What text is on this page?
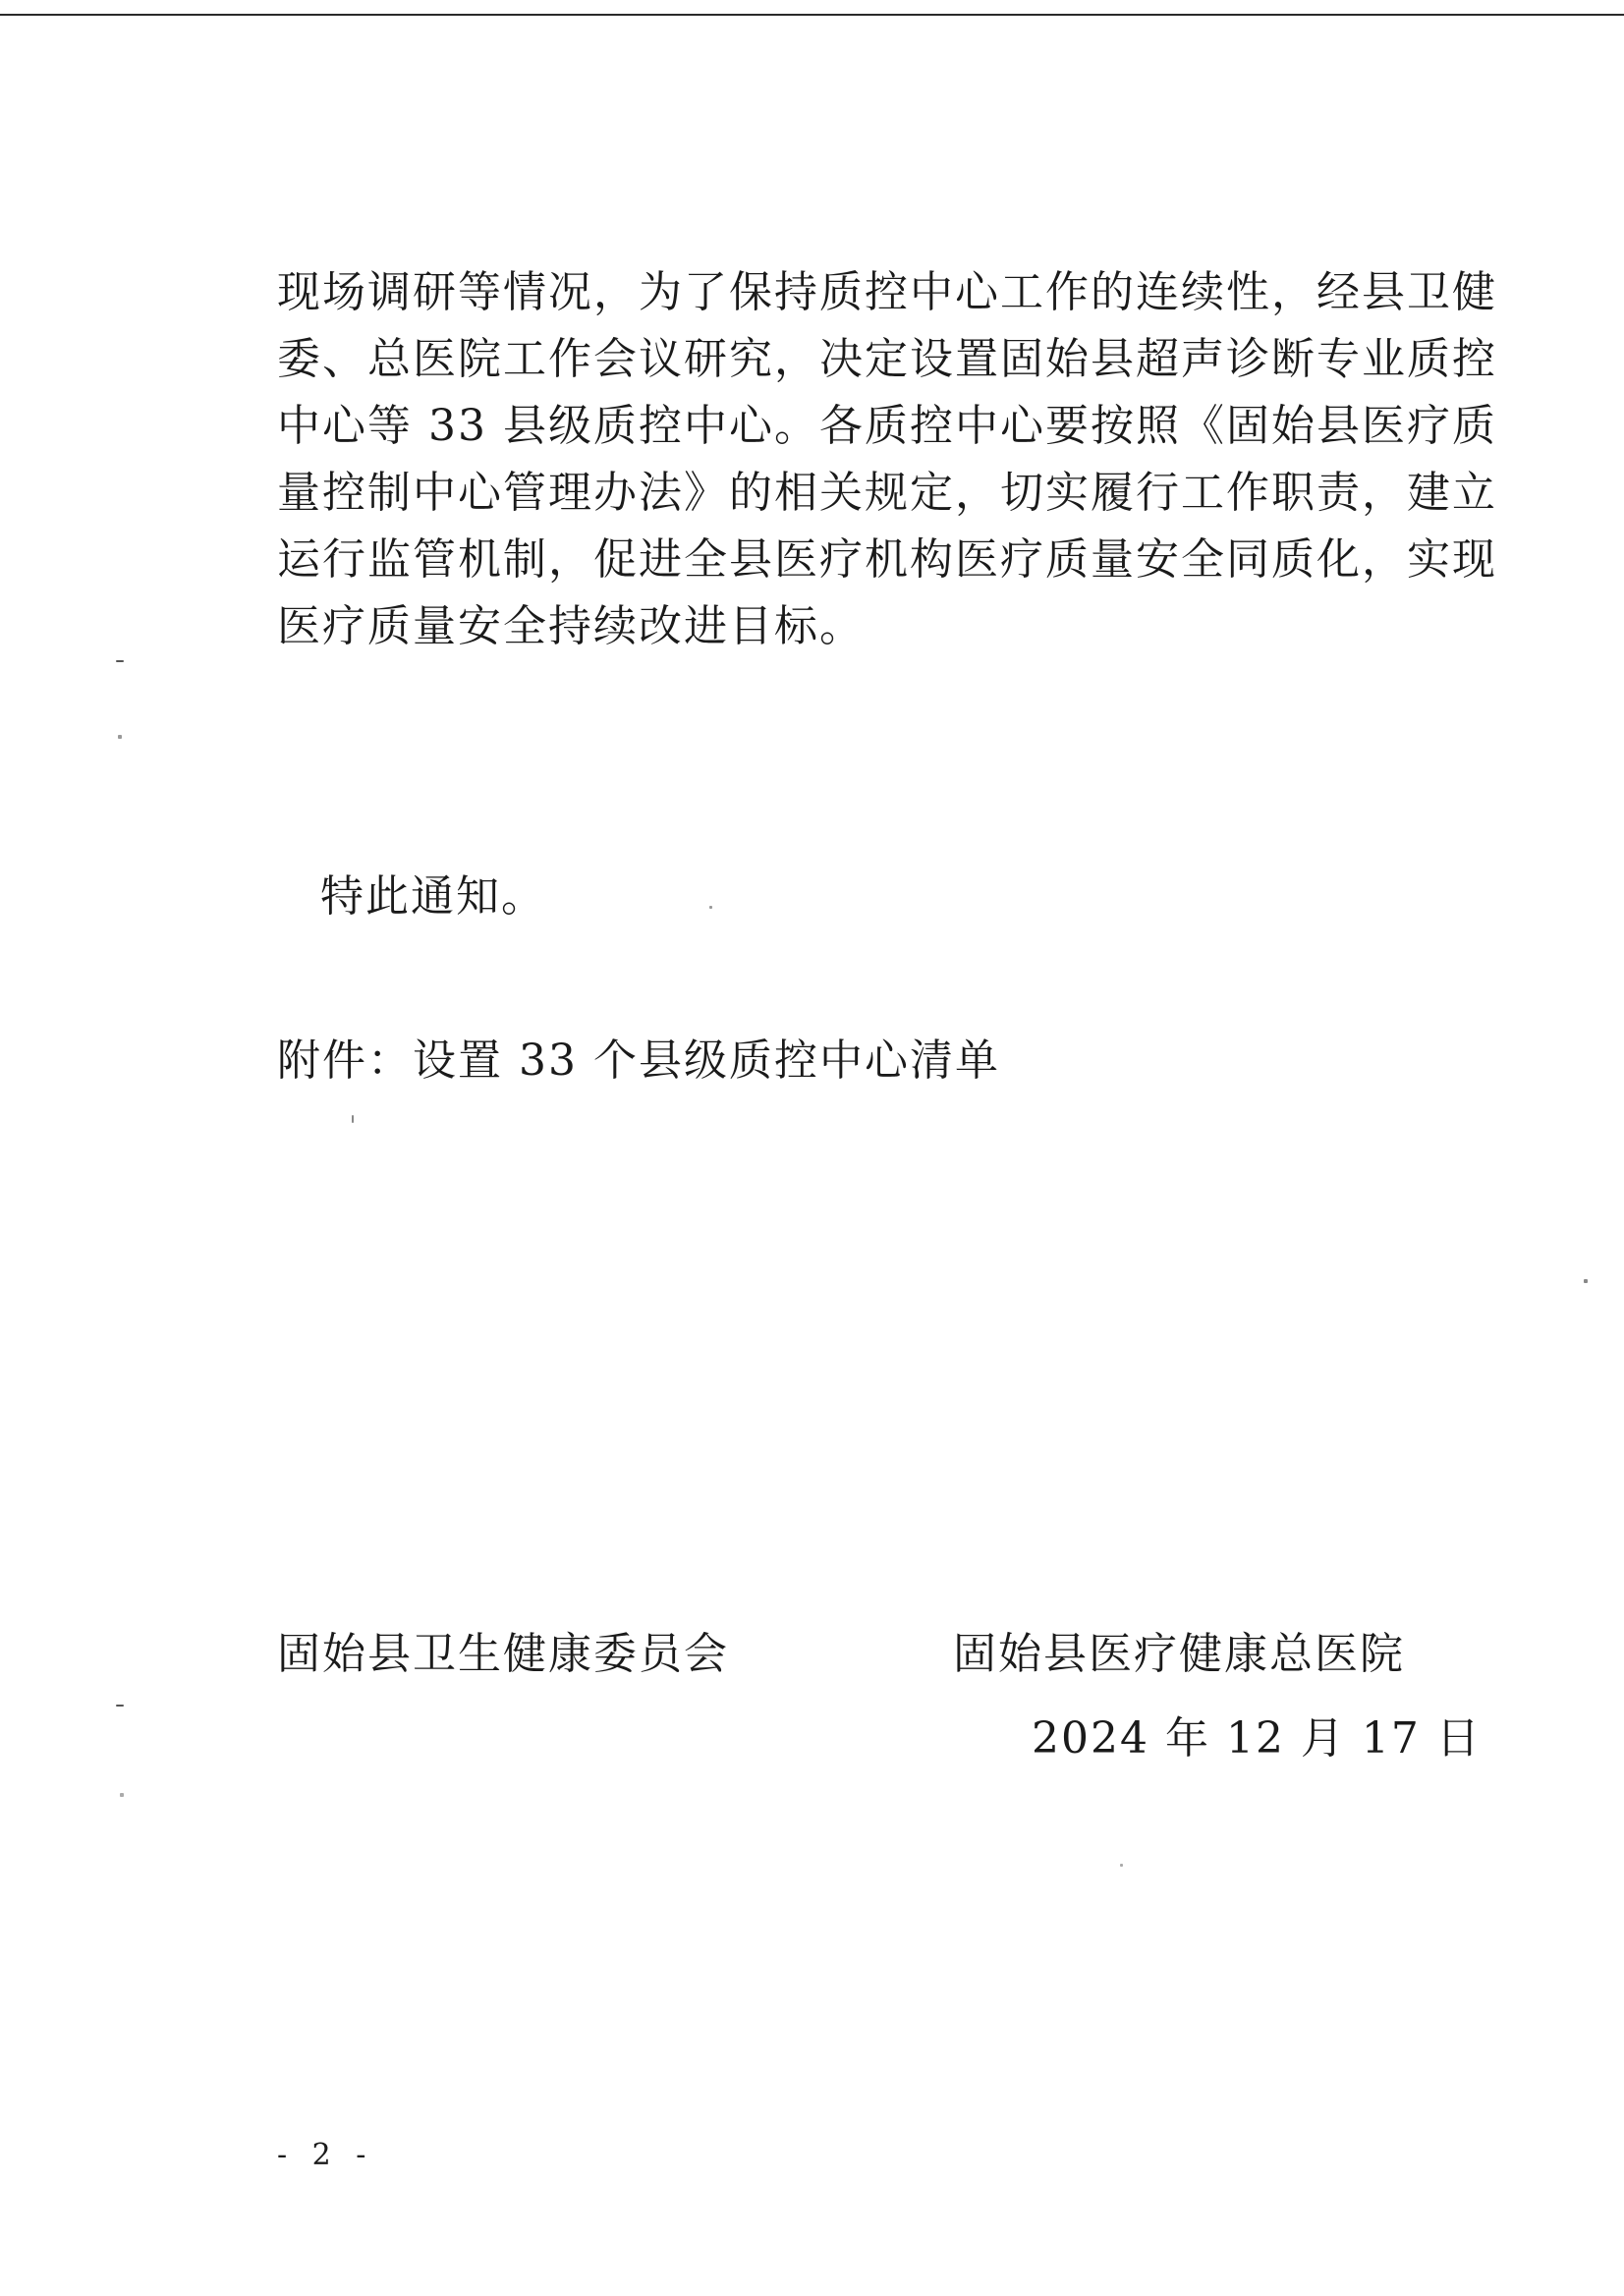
现场调研等情况，为了保持质控中心工作的连续性，经县卫健
委、总医院工作会议研究，决定设置固始县超声诊断专业质控
中心等 33 县级质控中心。各质控中心要按照《固始县医疗质
量控制中心管理办法》的相关规定，切实履行工作职责，建立
运行监管机制，促进全县医疗机构医疗质量安全同质化，实现
医疗质量安全持续改进目标。
特此通知。
附件：设置 33 个县级质控中心清单
固始县卫生健康委员会	固始县医疗健康总医院
2024 年 12 月 17 日
- 2 -
